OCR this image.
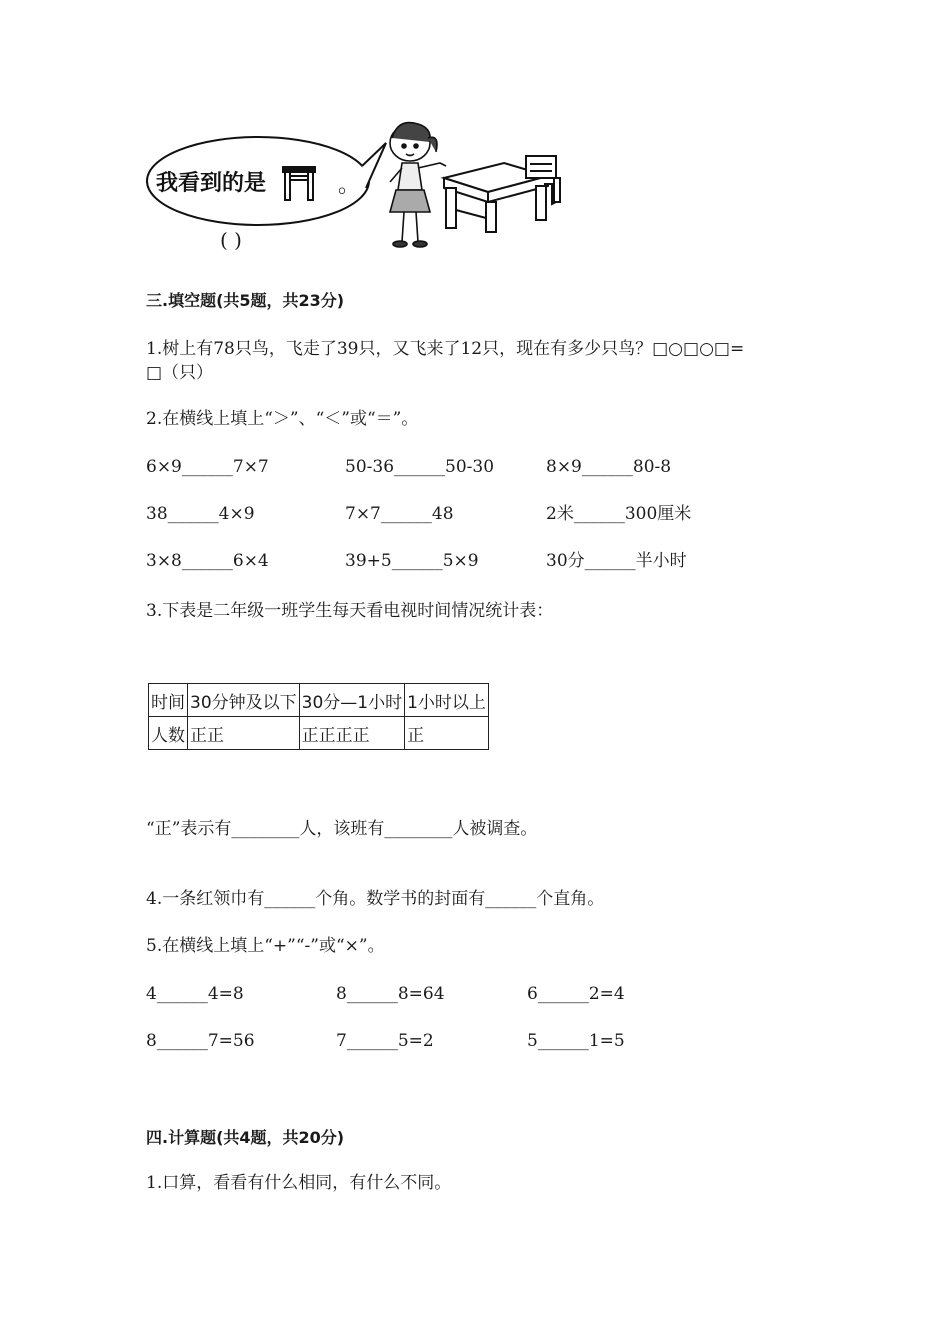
我看到的是	。
( )
三.填空题(共5题，共23分)
1.树上有78只鸟，飞走了39只，又飞来了12只，现在有多少只鸟？□○□○□=
□（只）
2.在横线上填上“＞”、“＜”或“＝”。
6×9______7×7	50-36______50-30	8×9______80-8
38______4×9	7×7______48	2米______300厘米
3×8______6×4	39+5______5×9	30分______半小时
3.下表是二年级一班学生每天看电视时间情况统计表：
时间	30分钟及以下	30分—1小时	1小时以上
人数	正正	正正正正	正
“正”表示有________人，该班有________人被调查。
4.一条红领巾有______个角。数学书的封面有______个直角。
5.在横线上填上“+”“-”或“×”。
4______4=8	8______8=64	6______2=4
8______7=56	7______5=2	5______1=5
四.计算题(共4题，共20分)
1.口算，看看有什么相同，有什么不同。
